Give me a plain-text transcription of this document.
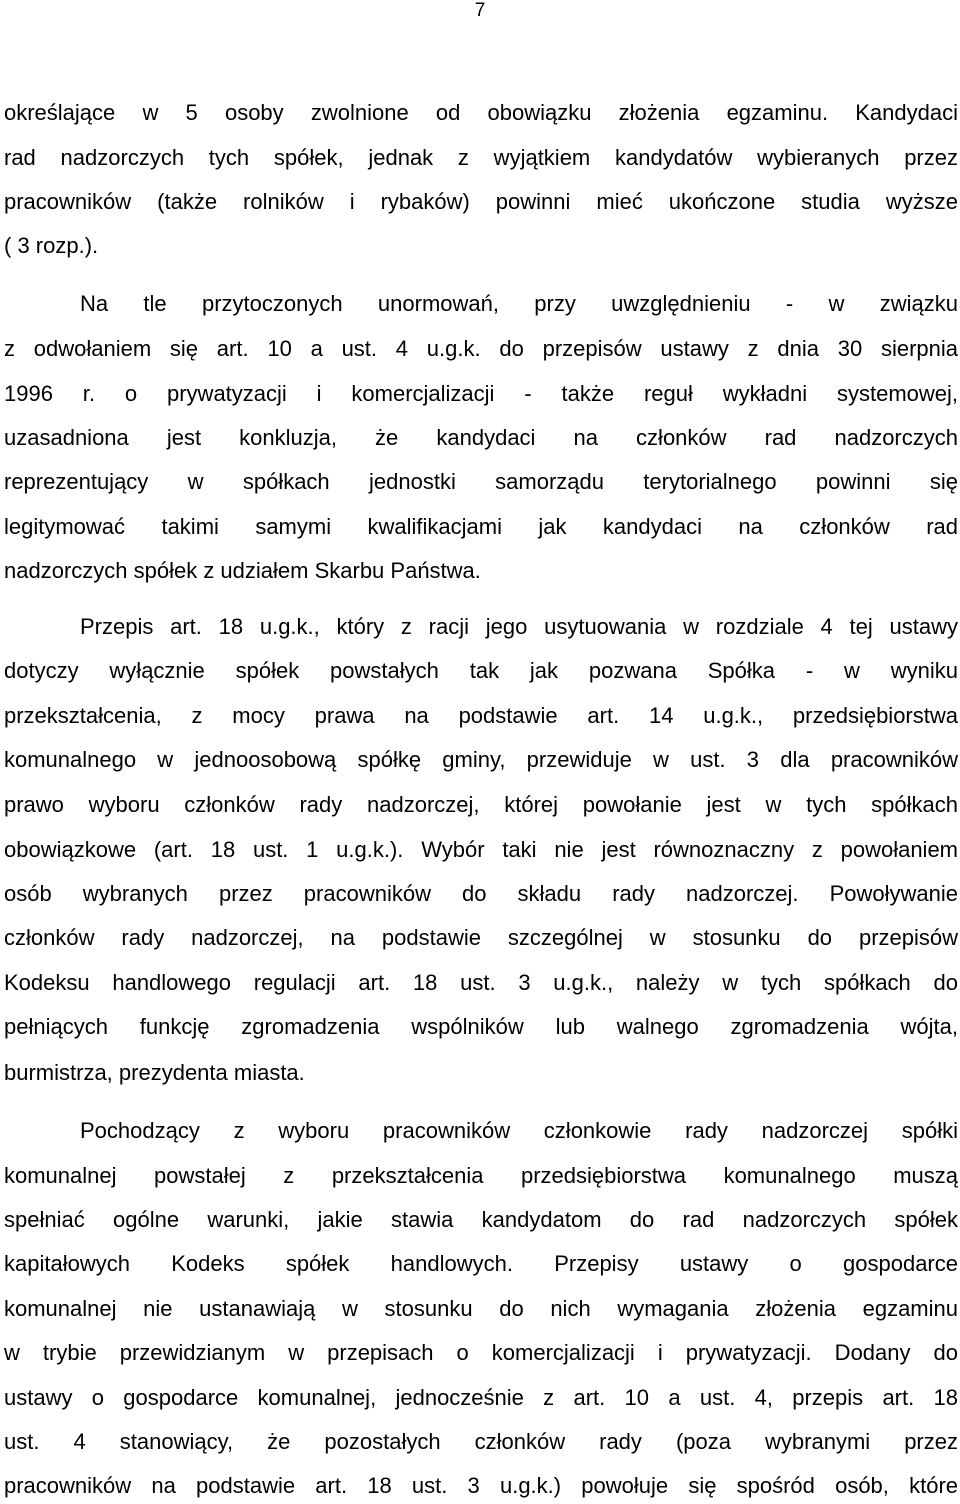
7
określające w 5 osoby zwolnione od obowiązku złożenia egzaminu. Kandydaci
rad nadzorczych tych spółek, jednak z wyjątkiem kandydatów wybieranych przez
pracowników (także rolników i rybaków) powinni mieć ukończone studia wyższe
( 3 rozp.).
Na tle przytoczonych unormowań, przy uwzględnieniu - w związku
z odwołaniem się art. 10 a ust. 4 u.g.k. do przepisów ustawy z dnia 30 sierpnia
1996 r. o prywatyzacji i komercjalizacji - także reguł wykładni systemowej,
uzasadniona jest konkluzja, że kandydaci na członków rad nadzorczych
reprezentujący w spółkach jednostki samorządu terytorialnego powinni się
legitymować takimi samymi kwalifikacjami jak kandydaci na członków rad
nadzorczych spółek z udziałem Skarbu Państwa.
Przepis art. 18 u.g.k., który z racji jego usytuowania w rozdziale 4 tej ustawy
dotyczy wyłącznie spółek powstałych tak jak pozwana Spółka - w wyniku
przekształcenia, z mocy prawa na podstawie art. 14 u.g.k., przedsiębiorstwa
komunalnego w jednoosobową spółkę gminy, przewiduje w ust. 3 dla pracowników
prawo wyboru członków rady nadzorczej, której powołanie jest w tych spółkach
obowiązkowe (art. 18 ust. 1 u.g.k.). Wybór taki nie jest równoznaczny z powołaniem
osób wybranych przez pracowników do składu rady nadzorczej. Powoływanie
członków rady nadzorczej, na podstawie szczególnej w stosunku do przepisów
Kodeksu handlowego regulacji art. 18 ust. 3 u.g.k., należy w tych spółkach do
pełniących funkcję zgromadzenia wspólników lub walnego zgromadzenia wójta,
burmistrza, prezydenta miasta.
Pochodzący z wyboru pracowników członkowie rady nadzorczej spółki
komunalnej powstałej z przekształcenia przedsiębiorstwa komunalnego muszą
spełniać ogólne warunki, jakie stawia kandydatom do rad nadzorczych spółek
kapitałowych Kodeks spółek handlowych. Przepisy ustawy o gospodarce
komunalnej nie ustanawiają w stosunku do nich wymagania złożenia egzaminu
w trybie przewidzianym w przepisach o komercjalizacji i prywatyzacji. Dodany do
ustawy o gospodarce komunalnej, jednocześnie z art. 10 a ust. 4, przepis art. 18
ust. 4 stanowiący, że pozostałych członków rady (poza wybranymi przez
pracowników na podstawie art. 18 ust. 3 u.g.k.) powołuje się spośród osób, które
